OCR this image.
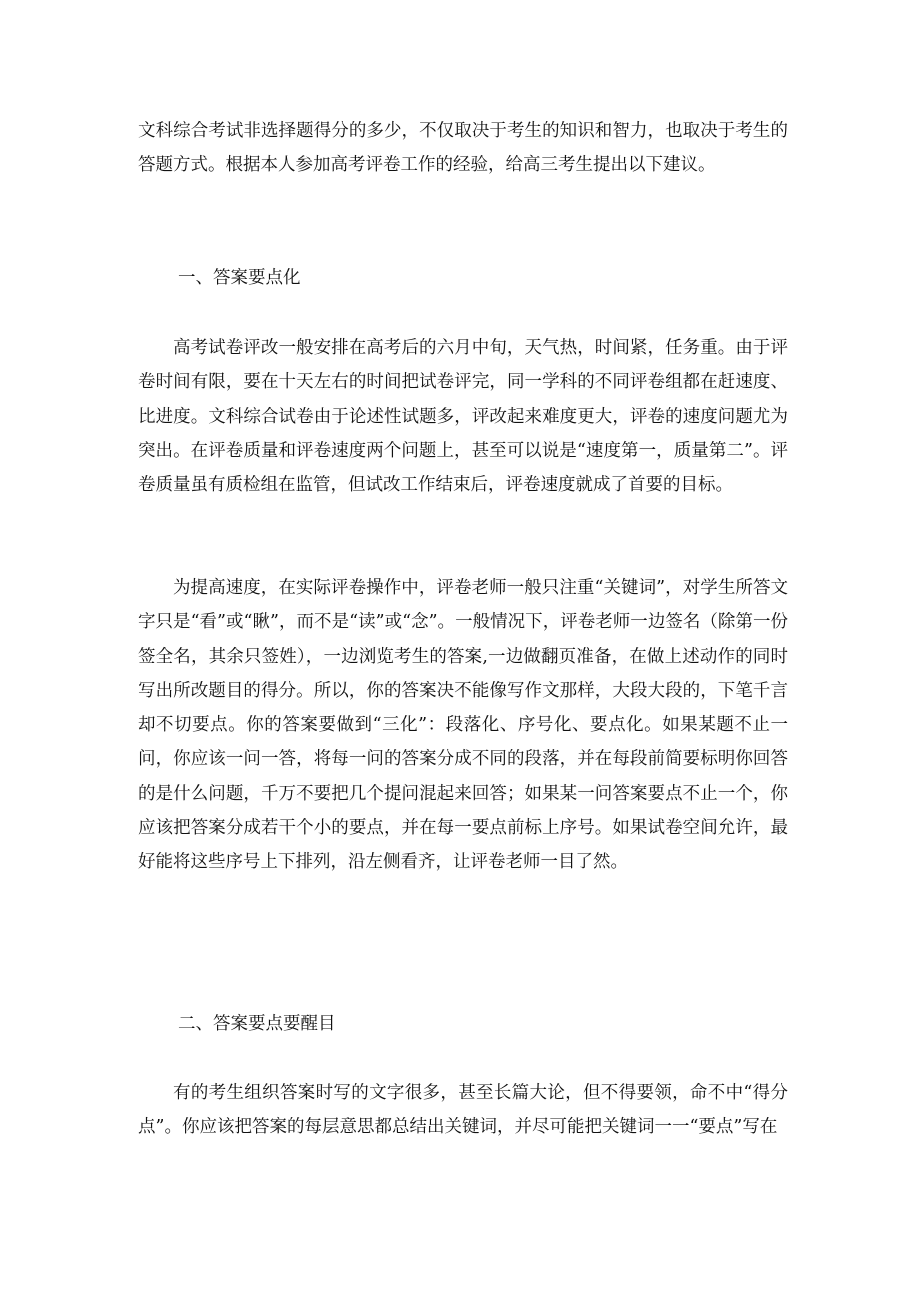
文科综合考试非选择题得分的多少，不仅取决于考生的知识和智力，也取决于考生的答题方式。根据本人参加高考评卷工作的经验，给高三考生提出以下建议。

一、答案要点化

高考试卷评改一般安排在高考后的六月中旬，天气热，时间紧，任务重。由于评卷时间有限，要在十天左右的时间把试卷评完，同一学科的不同评卷组都在赶速度、比进度。文科综合试卷由于论述性试题多，评改起来难度更大，评卷的速度问题尤为突出。在评卷质量和评卷速度两个问题上，甚至可以说是“速度第一，质量第二”。评卷质量虽有质检组在监管，但试改工作结束后，评卷速度就成了首要的目标。

为提高速度，在实际评卷操作中，评卷老师一般只注重“关键词”，对学生所答文字只是“看”或“瞅”，而不是“读”或“念”。一般情况下，评卷老师一边签名（除第一份签全名，其余只签姓），一边浏览考生的答案,一边做翻页准备，在做上述动作的同时写出所改题目的得分。所以，你的答案决不能像写作文那样，大段大段的，下笔千言却不切要点。你的答案要做到“三化”：段落化、序号化、要点化。如果某题不止一问，你应该一问一答，将每一问的答案分成不同的段落，并在每段前简要标明你回答的是什么问题，千万不要把几个提问混起来回答；如果某一问答案要点不止一个，你应该把答案分成若干个小的要点，并在每一要点前标上序号。如果试卷空间允许，最好能将这些序号上下排列，沿左侧看齐，让评卷老师一目了然。

二、答案要点要醒目

有的考生组织答案时写的文字很多，甚至长篇大论，但不得要领，命不中“得分点”。你应该把答案的每层意思都总结出关键词，并尽可能把关键词一一“要点”写在
